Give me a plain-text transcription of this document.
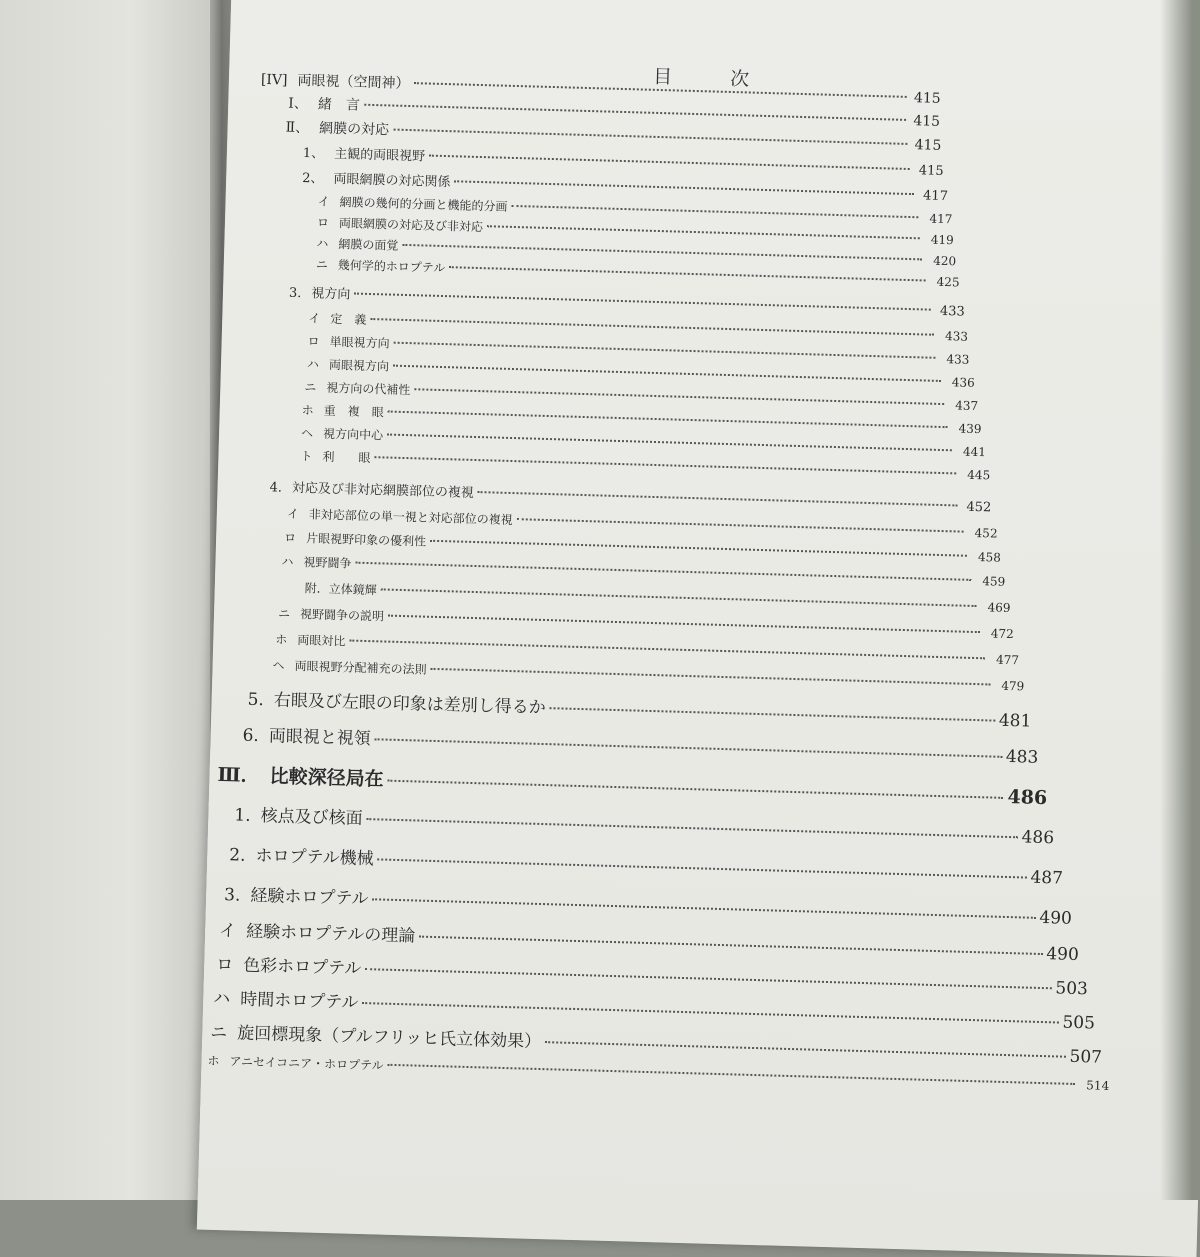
目 次
[IV] 両眼視（空間神）
415
Ⅰ、 緒　言
415
Ⅱ、 網膜の対応
415
1、 主観的両眼視野
415
2、 両眼網膜の対応関係
417
イ 網膜の幾何的分画と機能的分画
417
ロ 両眼網膜の対応及び非対応
419
ハ 網膜の面覚
420
ニ 幾何学的ホロプテル
425
3. 視方向
433
イ 定　義
433
ロ 単眼視方向
433
ハ 両眼視方向
436
ニ 視方向の代補性
437
ホ 重　複　眼
439
ヘ 視方向中心
441
ト 利　　眼
445
4. 対応及び非対応網膜部位の複視
452
イ 非対応部位の単一視と対応部位の複視
452
ロ 片眼視野印象の優利性
458
ハ 視野闘争
459
附．立体鏡輝
469
ニ 視野闘争の説明
472
ホ 両眼対比
477
ヘ 両眼視野分配補充の法則
479
5. 右眼及び左眼の印象は差別し得るか
481
6. 両眼視と視領
483
Ⅲ． 比較深径局在
486
1. 核点及び核面
486
2. ホロプテル機械
487
3. 経験ホロプテル
490
イ 経験ホロプテルの理論
490
ロ 色彩ホロプテル
503
ハ 時間ホロプテル
505
ニ 旋回標現象（プルフリッヒ氏立体効果）
507
ホ アニセイコニア・ホロプテル
514
